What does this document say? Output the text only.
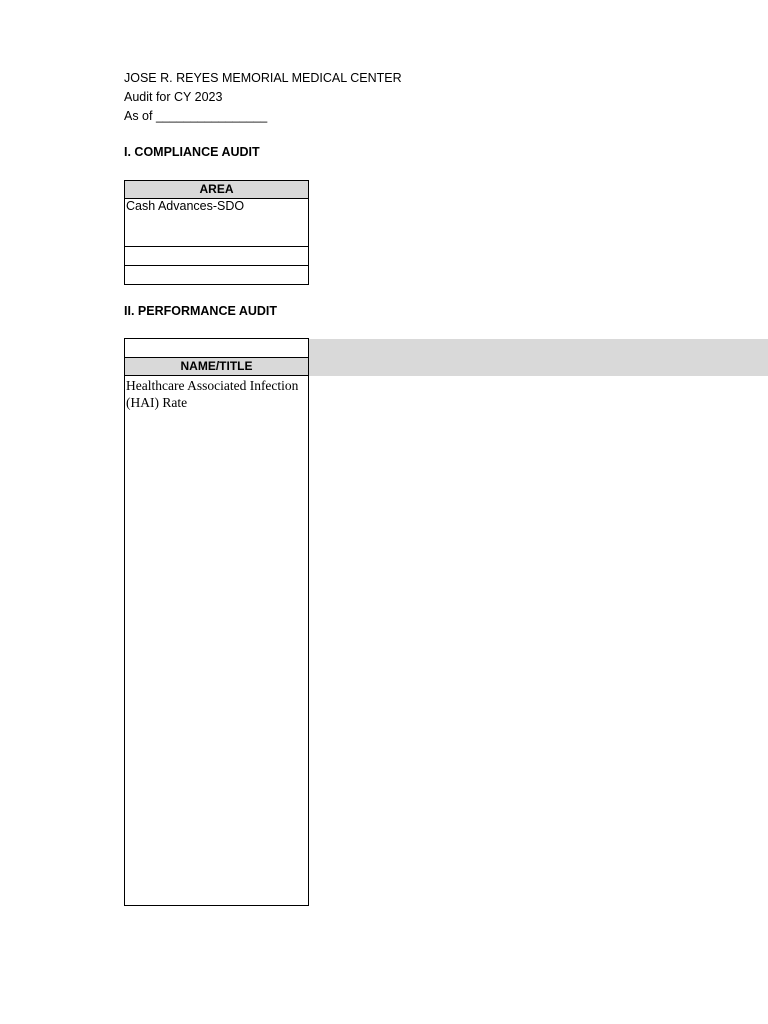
JOSE R. REYES MEMORIAL MEDICAL CENTER
Audit for CY 2023
As of ________________
I. COMPLIANCE AUDIT
AREA
Cash Advances-SDO
II. PERFORMANCE AUDIT
NAME/TITLE
Healthcare Associated Infection (HAI) Rate
